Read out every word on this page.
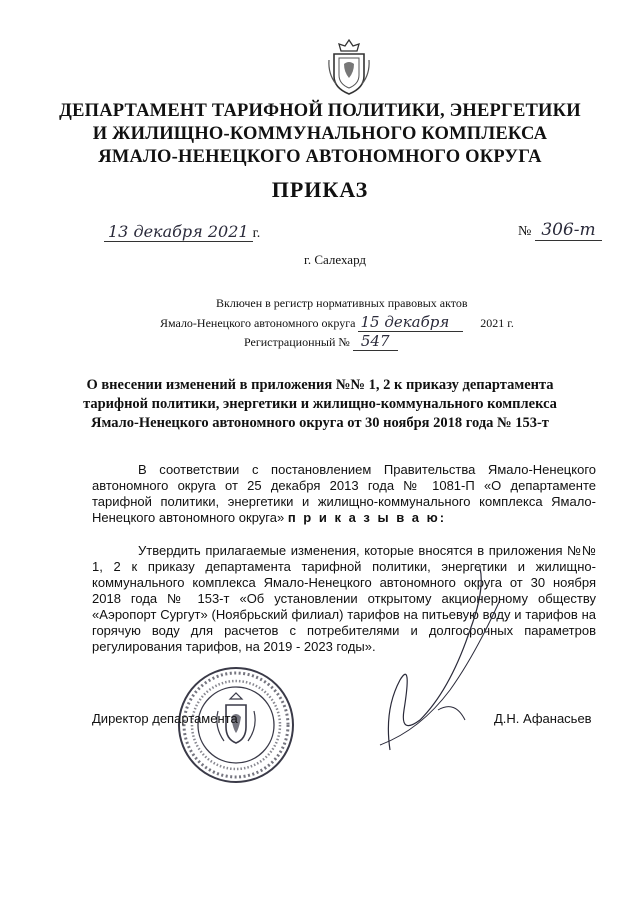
ДЕПАРТАМЕНТ ТАРИФНОЙ ПОЛИТИКИ, ЭНЕРГЕТИКИ
И ЖИЛИЩНО-КОММУНАЛЬНОГО КОМПЛЕКСА
ЯМАЛО-НЕНЕЦКОГО АВТОНОМНОГО ОКРУГА
ПРИКАЗ
13 декабря 2021 г.	№ 306-т
г. Салехард
Включен в регистр нормативных правовых актов
Ямало-Ненецкого автономного округа 15 декабря	2021 г.
Регистрационный № 547
О внесении изменений в приложения №№ 1, 2 к приказу департамента
тарифной политики, энергетики и жилищно-коммунального комплекса
Ямало-Ненецкого автономного округа от 30 ноября 2018 года № 153-т
В соответствии с постановлением Правительства Ямало-Ненецкого автономного округа от 25 декабря 2013 года № 1081-П «О департаменте тарифной политики, энергетики и жилищно-коммунального комплекса Ямало-Ненецкого автономного округа» п р и к а з ы в а ю:
Утвердить прилагаемые изменения, которые вносятся в приложения №№ 1, 2 к приказу департамента тарифной политики, энергетики и жилищно-коммунального комплекса Ямало-Ненецкого автономного округа от 30 ноября 2018 года № 153-т «Об установлении открытому акционерному обществу «Аэропорт Сургут» (Ноябрьский филиал) тарифов на питьевую воду и тарифов на горячую воду для расчетов с потребителями и долгосрочных параметров регулирования тарифов, на 2019 - 2023 годы».
Директор департамента	Д.Н. Афанасьев
